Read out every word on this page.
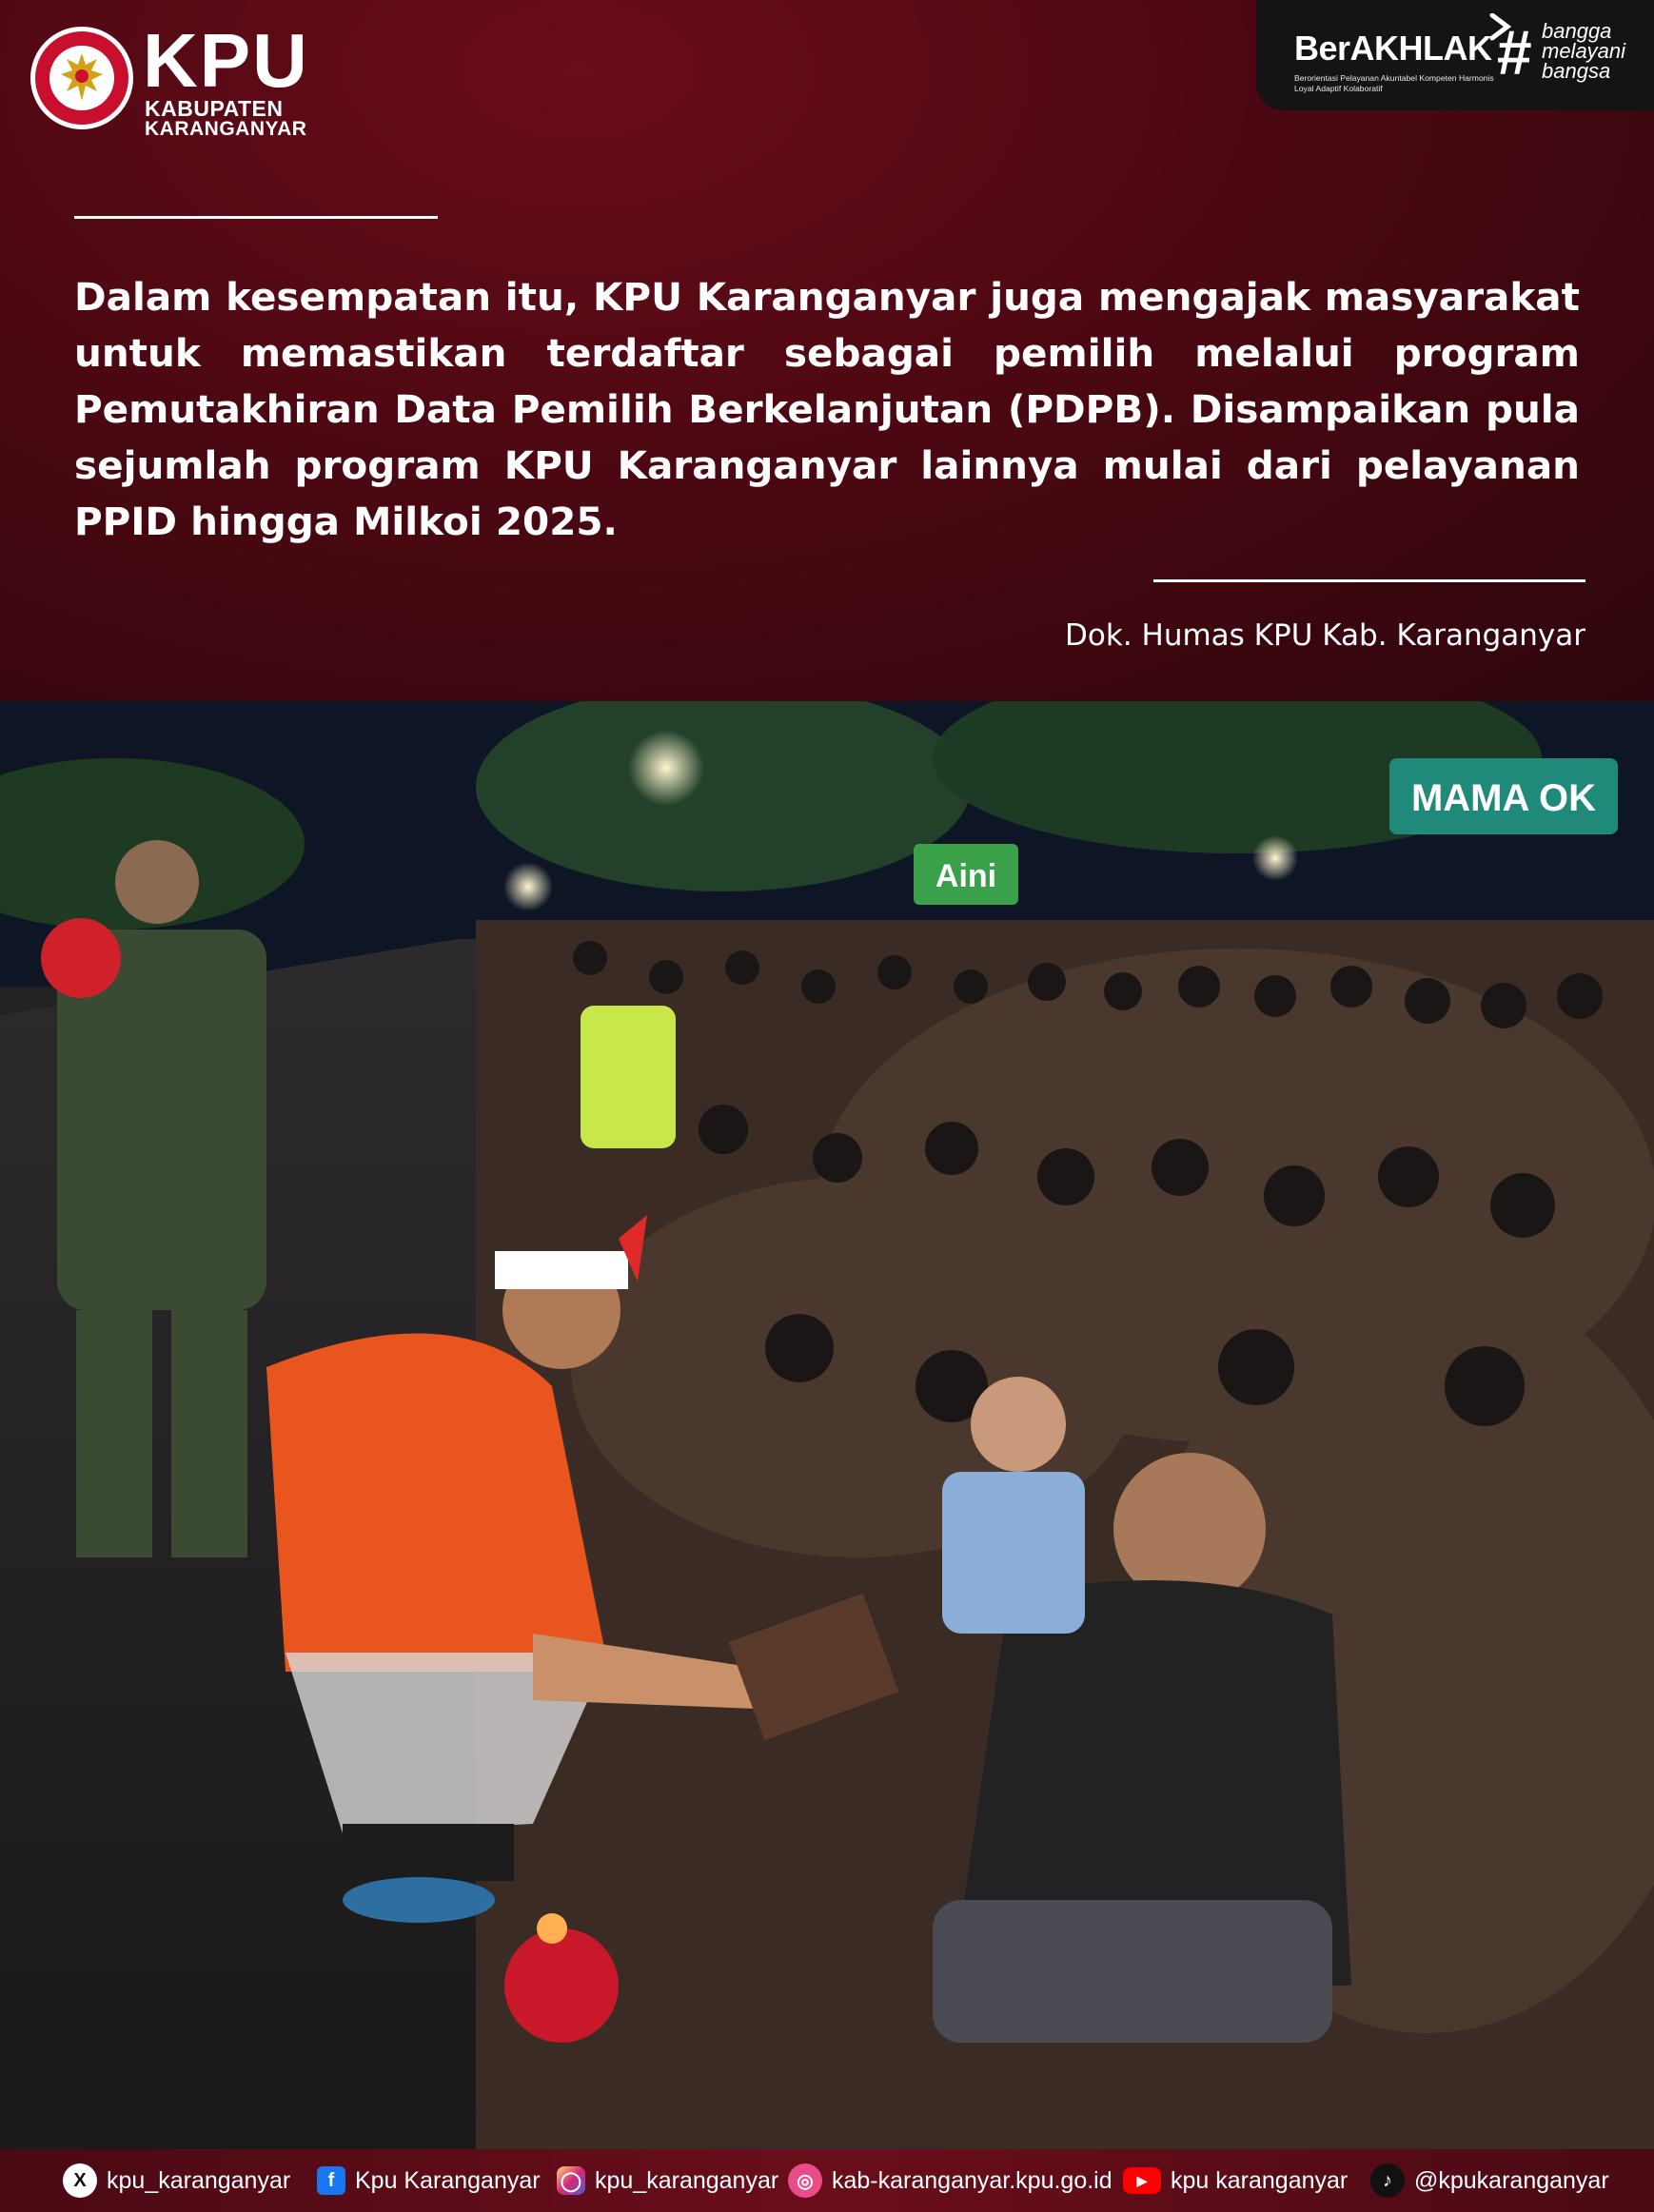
KPU
KABUPATEN
KARANGANYAR
BerAKHLAK
Berorientasi Pelayanan Akuntabel Kompeten Harmonis Loyal Adaptif Kolaboratif
# bangga
melayani
bangsa

Dalam kesempatan itu, KPU Karanganyar juga mengajak masyarakat untuk memastikan terdaftar sebagai pemilih melalui program Pemutakhiran Data Pemilih Berkelanjutan (PDPB). Disampaikan pula sejumlah program KPU Karanganyar lainnya mulai dari pelayanan PPID hingga Milkoi 2025.

Dok. Humas KPU Kab. Karanganyar
Aini
MAMA OK
X kpu_karanganyar	f Kpu Karanganyar ◯ kpu_karanganyar ◎ kab-karanganyar.kpu.go.id	▶ kpu karanganyar	♪ @kpukaranganyar
